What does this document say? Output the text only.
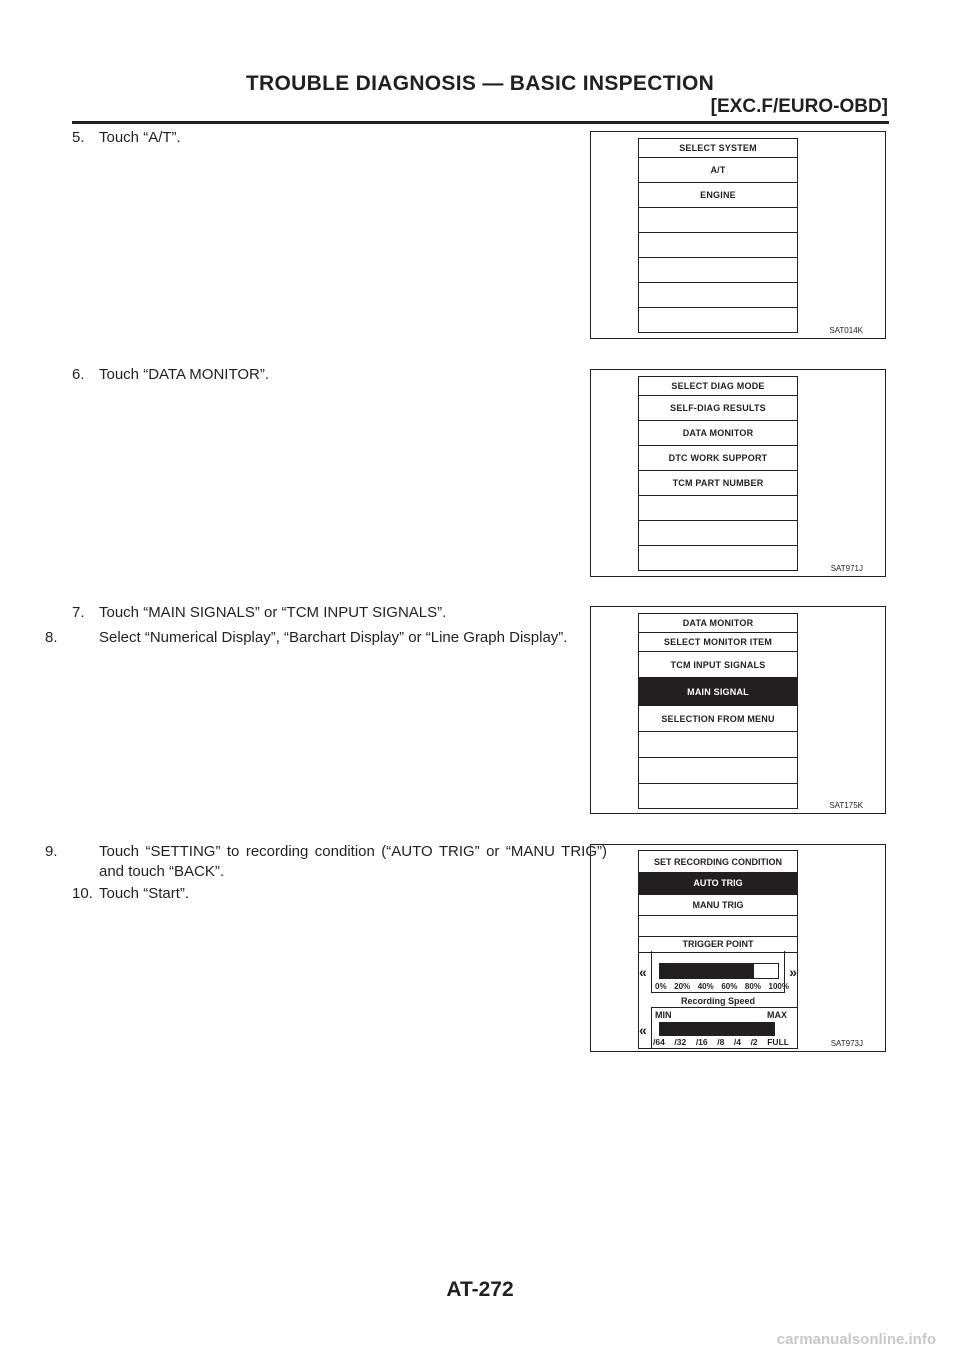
TROUBLE DIAGNOSIS — BASIC INSPECTION
[EXC.F/EURO-OBD]
5. Touch “A/T”.
6. Touch “DATA MONITOR”.
7. Touch “MAIN SIGNALS” or “TCM INPUT SIGNALS”.
8.	Select “Numerical Display”, “Barchart Display” or “Line Graph Display”.
9.	Touch “SETTING” to recording condition (“AUTO TRIG” or “MANU TRIG”) and touch “BACK”.
10. Touch “Start”.
SELECT SYSTEM
A/T
ENGINE
SAT014K
SELECT DIAG MODE
SELF-DIAG RESULTS
DATA MONITOR
DTC WORK SUPPORT
TCM PART NUMBER
SAT971J
DATA MONITOR
SELECT MONITOR ITEM
TCM INPUT SIGNALS
MAIN SIGNAL
SELECTION FROM MENU
SAT175K
SET RECORDING CONDITION
AUTO TRIG
MANU TRIG
TRIGGER POINT
«	»
0% 20% 40% 60% 80% 100%
Recording Speed
MIN	MAX
«
/64 /32 /16 /8 /4 /2 FULL	SAT973J
AT-272
carmanualsonline.info
